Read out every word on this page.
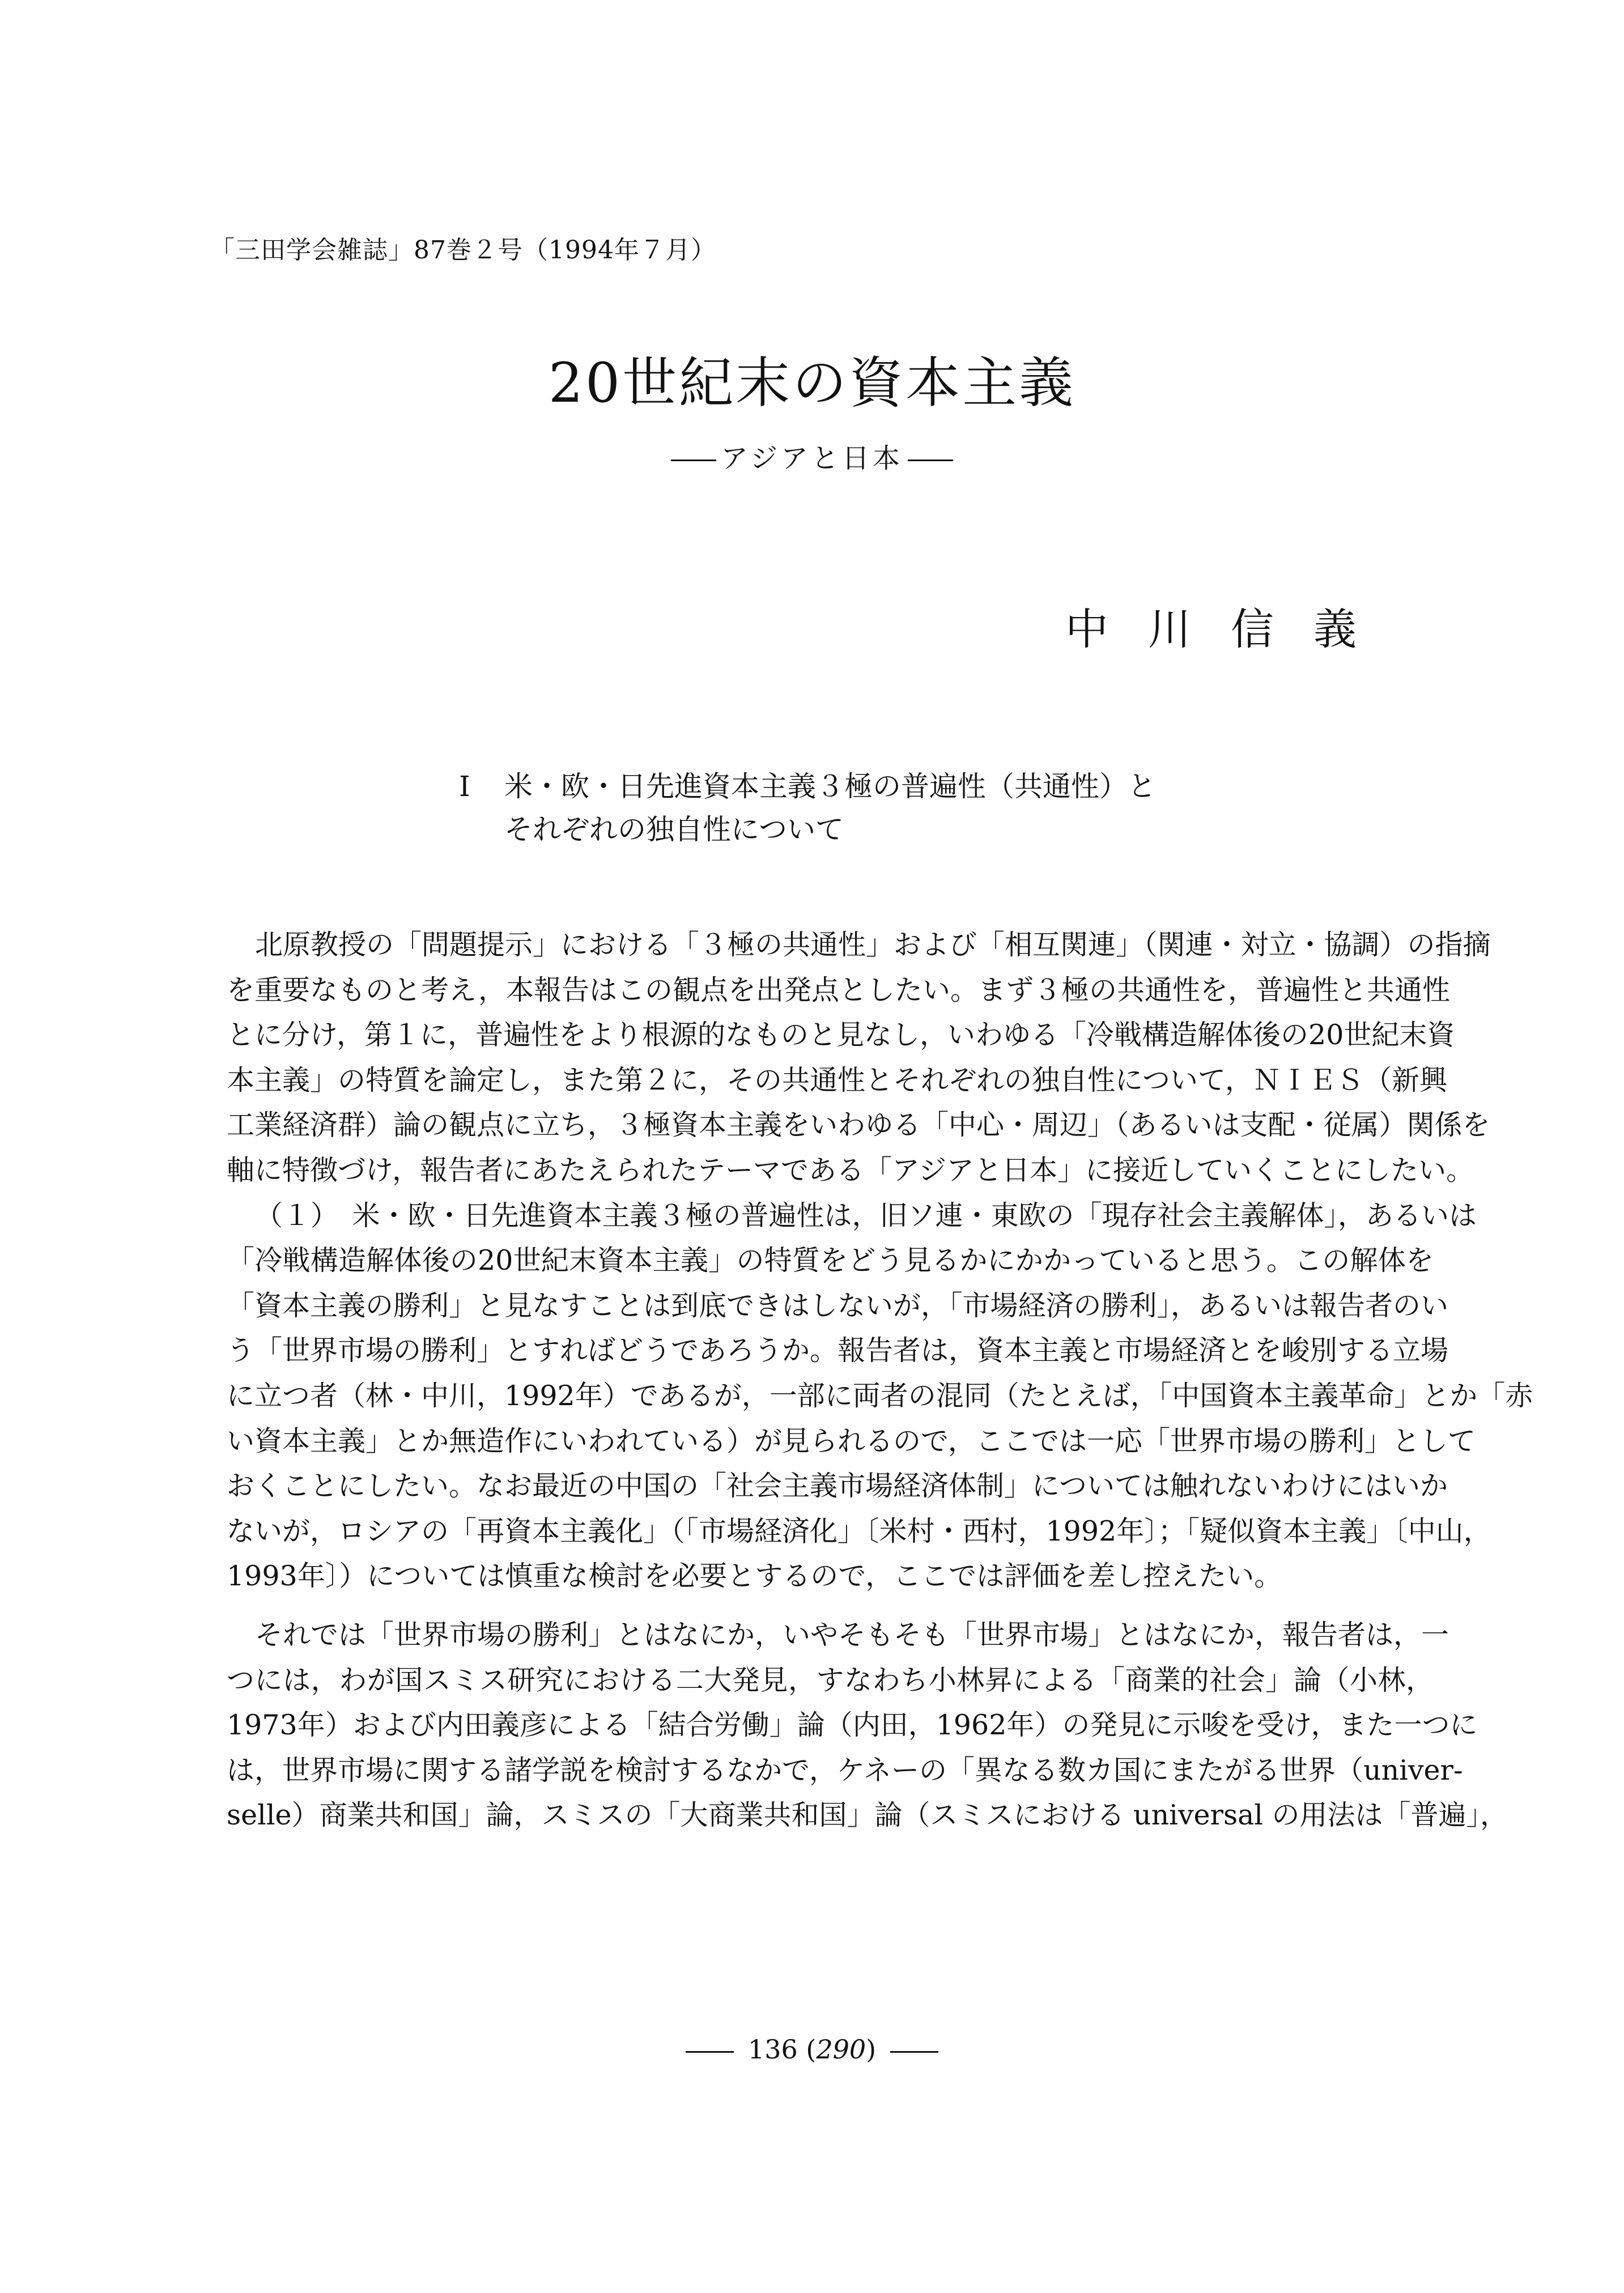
「三田学会雑誌」87巻２号（1994年７月）
20世紀末の資本主義
アジアと日本
中 川 信 義
I 米・欧・日先進資本主義３極の普遍性（共通性）と
それぞれの独自性について
北原教授の「問題提示」における「３極の共通性」および「相互関連」（関連・対立・協調）の指摘
を重要なものと考え，本報告はこの観点を出発点としたい。まず３極の共通性を，普遍性と共通性
とに分け，第１に，普遍性をより根源的なものと見なし，いわゆる「冷戦構造解体後の20世紀末資
本主義」の特質を論定し，また第２に，その共通性とそれぞれの独自性について，ＮＩＥＳ（新興
工業経済群）論の観点に立ち，３極資本主義をいわゆる「中心・周辺」（あるいは支配・従属）関係を
軸に特徴づけ，報告者にあたえられたテーマである「アジアと日本」に接近していくことにしたい。
（１）　米・欧・日先進資本主義３極の普遍性は，旧ソ連・東欧の「現存社会主義解体」，あるいは
「冷戦構造解体後の20世紀末資本主義」の特質をどう見るかにかかっていると思う。この解体を
「資本主義の勝利」と見なすことは到底できはしないが，「市場経済の勝利」，あるいは報告者のい
う「世界市場の勝利」とすればどうであろうか。報告者は，資本主義と市場経済とを峻別する立場
に立つ者（林・中川，1992年）であるが，一部に両者の混同（たとえば，「中国資本主義革命」とか「赤
い資本主義」とか無造作にいわれている）が見られるので，ここでは一応「世界市場の勝利」として
おくことにしたい。なお最近の中国の「社会主義市場経済体制」については触れないわけにはいか
ないが，ロシアの「再資本主義化」（「市場経済化」〔米村・西村，1992年〕；「疑似資本主義」〔中山，
1993年〕）については慎重な検討を必要とするので，ここでは評価を差し控えたい。
それでは「世界市場の勝利」とはなにか，いやそもそも「世界市場」とはなにか，報告者は，一
つには，わが国スミス研究における二大発見，すなわち小林昇による「商業的社会」論（小林，
1973年）および内田義彦による「結合労働」論（内田，1962年）の発見に示唆を受け，また一つに
は，世界市場に関する諸学説を検討するなかで，ケネーの「異なる数カ国にまたがる世界（univer-
selle）商業共和国」論，スミスの「大商業共和国」論（スミスにおける universal の用法は「普遍」，
136 (290)
